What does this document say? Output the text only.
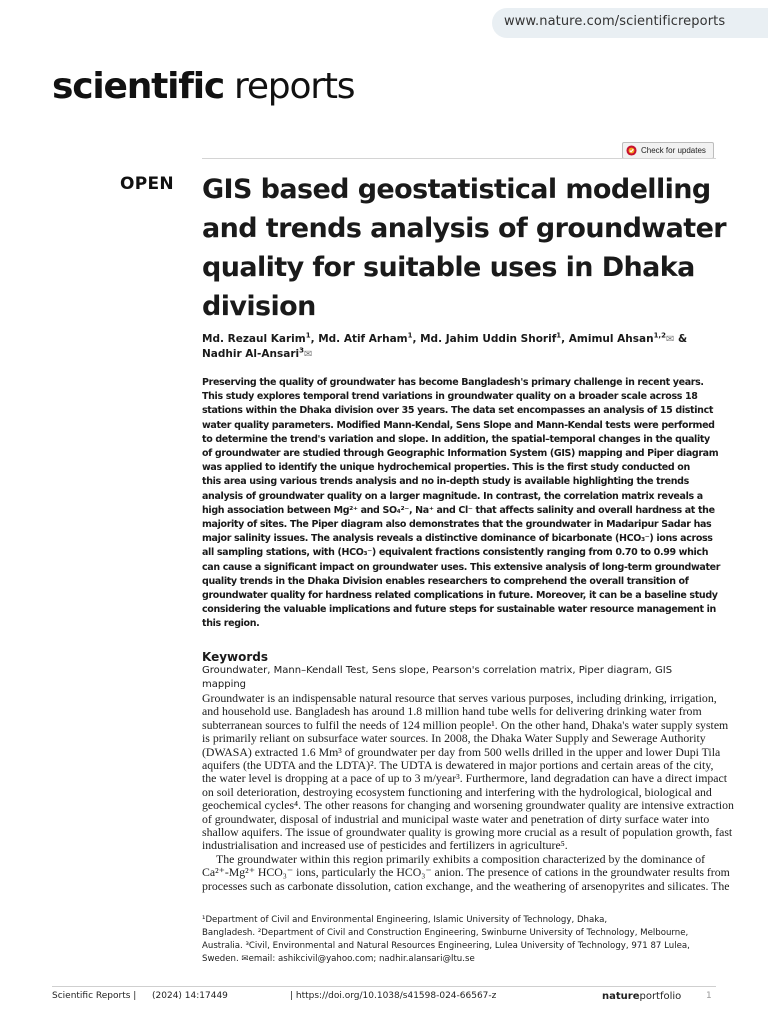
www.nature.com/scientificreports
scientific reports
Check for updates
OPEN GIS based geostatistical modelling
and trends analysis of groundwater
quality for suitable uses in Dhaka
division
Md. Rezaul Karim$^1$, Md. Atif Arham$^1$, Md. Jahim Uddin Shorif$^1$, Amimul Ahsan$^{1,2}$✉ &
Nadhir Al-Ansari$^3$✉
Preserving the quality of groundwater has become Bangladesh's primary challenge in recent years.
This study explores temporal trend variations in groundwater quality on a broader scale across 18
stations within the Dhaka division over 35 years. The data set encompasses an analysis of 15 distinct
water quality parameters. Modified Mann-Kendal, Sens Slope and Mann-Kendal tests were performed
to determine the trend's variation and slope. In addition, the spatial–temporal changes in the quality
of groundwater are studied through Geographic Information System (GIS) mapping and Piper diagram
was applied to identify the unique hydrochemical properties. This is the first study conducted on
this area using various trends analysis and no in-depth study is available highlighting the trends
analysis of groundwater quality on a larger magnitude. In contrast, the correlation matrix reveals a
high association between Mg²⁺ and SO₄²⁻, Na⁺ and Cl⁻ that affects salinity and overall hardness at the
majority of sites. The Piper diagram also demonstrates that the groundwater in Madaripur Sadar has
major salinity issues. The analysis reveals a distinctive dominance of bicarbonate (HCO₃⁻) ions across
all sampling stations, with (HCO₃⁻) equivalent fractions consistently ranging from 0.70 to 0.99 which
can cause a significant impact on groundwater uses. This extensive analysis of long-term groundwater
quality trends in the Dhaka Division enables researchers to comprehend the overall transition of
groundwater quality for hardness related complications in future. Moreover, it can be a baseline study
considering the valuable implications and future steps for sustainable water resource management in
this region.
Keywords
Groundwater, Mann–Kendall Test, Sens slope, Pearson's correlation matrix, Piper diagram, GIS
mapping
Groundwater is an indispensable natural resource that serves various purposes, including drinking, irrigation,
and household use. Bangladesh has around 1.8 million hand tube wells for delivering drinking water from
subterranean sources to fulfil the needs of 124 million people¹. On the other hand, Dhaka's water supply system
is primarily reliant on subsurface water sources. In 2008, the Dhaka Water Supply and Sewerage Authority
(DWASA) extracted 1.6 Mm³ of groundwater per day from 500 wells drilled in the upper and lower Dupi Tila
aquifers (the UDTA and the LDTA)². The UDTA is dewatered in major portions and certain areas of the city,
the water level is dropping at a pace of up to 3 m/year³. Furthermore, land degradation can have a direct impact
on soil deterioration, destroying ecosystem functioning and interfering with the hydrological, biological and
geochemical cycles⁴. The other reasons for changing and worsening groundwater quality are intensive extraction
of groundwater, disposal of industrial and municipal waste water and penetration of dirty surface water into
shallow aquifers. The issue of groundwater quality is growing more crucial as a result of population growth, fast
industrialisation and increased use of pesticides and fertilizers in agriculture⁵.
The groundwater within this region primarily exhibits a composition characterized by the dominance of
Ca²⁺-Mg²⁺ HCO₃⁻ ions, particularly the HCO₃⁻ anion. The presence of cations in the groundwater results from
processes such as carbonate dissolution, cation exchange, and the weathering of arsenopyrites and silicates. The
¹Department of Civil and Environmental Engineering, Islamic University of Technology, Dhaka,
Bangladesh. ²Department of Civil and Construction Engineering, Swinburne University of Technology, Melbourne,
Australia. ³Civil, Environmental and Natural Resources Engineering, Lulea University of Technology, 971 87 Lulea,
Sweden. ✉email: ashikcivil@yahoo.com; nadhir.alansari@ltu.se
Scientific Reports | (2024) 14:17449	| https://doi.org/10.1038/s41598-024-66567-z	natureportfolio	1
